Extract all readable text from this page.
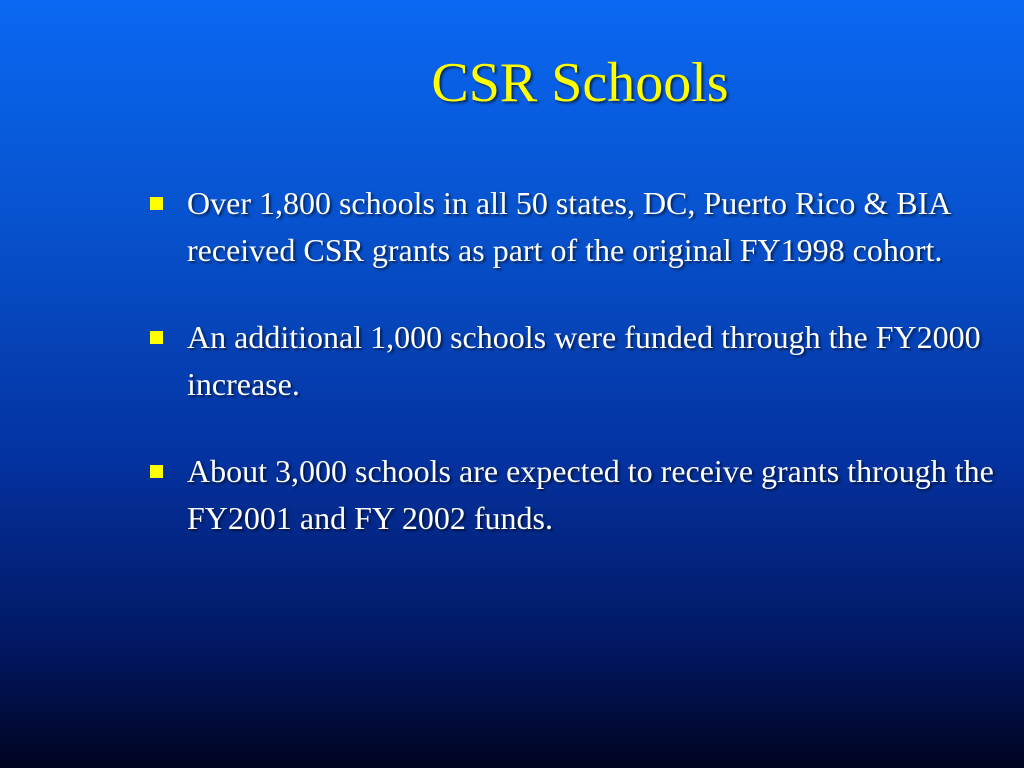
CSR Schools
Over 1,800 schools in all 50 states, DC, Puerto Rico & BIA received CSR grants as part of the original FY1998 cohort.
An additional 1,000 schools were funded through the FY2000 increase.
About 3,000 schools are expected to receive grants through the FY2001 and FY 2002 funds.
